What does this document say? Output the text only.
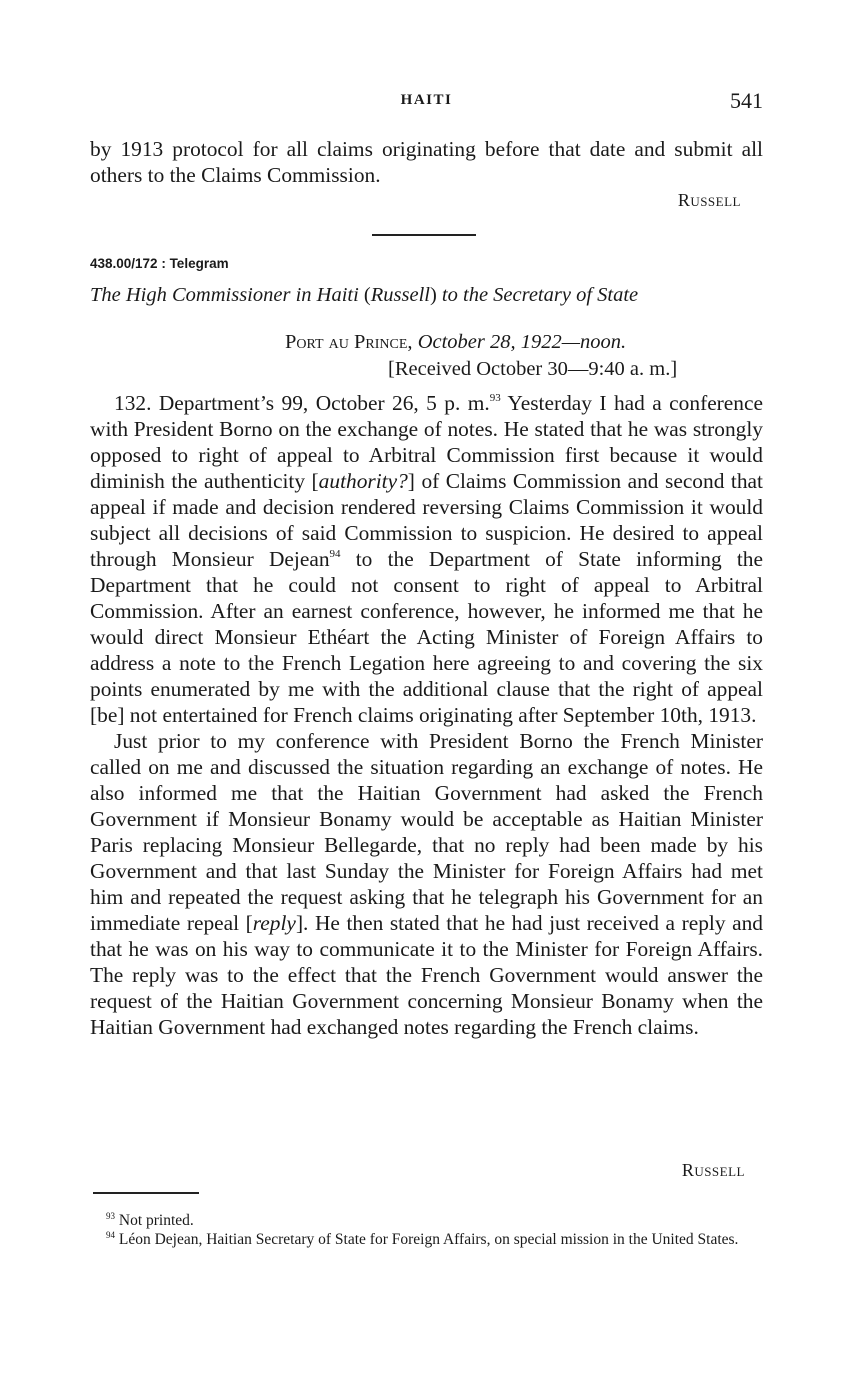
HAITI	541

by 1913 protocol for all claims originating before that date and submit all others to the Claims Commission.

Russell
438.00/172 : Telegram
The High Commissioner in Haiti (Russell) to the Secretary of State
Port au Prince, October 28, 1922—noon.
[Received October 30—9:40 a. m.]

132. Department’s 99, October 26, 5 p. m.$^{93}$ Yesterday I had a conference with President Borno on the exchange of notes. He stated that he was strongly opposed to right of appeal to Arbitral Commission first because it would diminish the authenticity [authority?] of Claims Commission and second that appeal if made and decision rendered reversing Claims Commission it would subject all decisions of said Commission to suspicion. He desired to appeal through Monsieur Dejean$^{94}$ to the Department of State informing the Department that he could not consent to right of appeal to Arbitral Commission. After an earnest conference, however, he informed me that he would direct Monsieur Ethéart the Acting Minister of Foreign Affairs to address a note to the French Legation here agreeing to and covering the six points enumerated by me with the additional clause that the right of appeal [be] not entertained for French claims originating after September 10th, 1913.

Just prior to my conference with President Borno the French Minister called on me and discussed the situation regarding an exchange of notes. He also informed me that the Haitian Government had asked the French Government if Monsieur Bonamy would be acceptable as Haitian Minister Paris replacing Monsieur Bellegarde, that no reply had been made by his Government and that last Sunday the Minister for Foreign Affairs had met him and repeated the request asking that he telegraph his Government for an immediate repeal [reply]. He then stated that he had just received a reply and that he was on his way to communicate it to the Minister for Foreign Affairs. The reply was to the effect that the French Government would answer the request of the Haitian Government concerning Monsieur Bonamy when the Haitian Government had exchanged notes regarding the French claims.

Russell

$^{93}$ Not printed.

$^{94}$ Léon Dejean, Haitian Secretary of State for Foreign Affairs, on special mission in the United States.
